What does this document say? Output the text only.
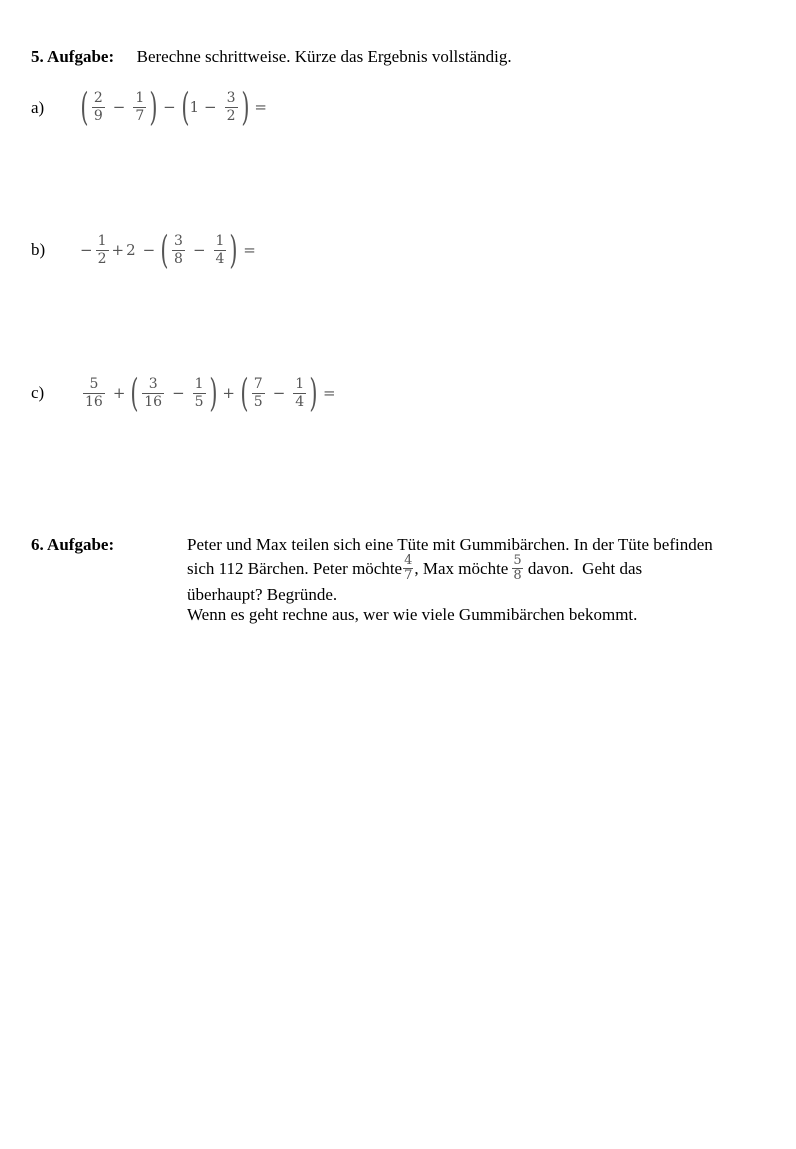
5. Aufgabe: Berechne schrittweise. Kürze das Ergebnis vollständig.
a) ( $\frac{2}{9} - \frac{1}{7}$ ) − ( $1 - \frac{3}{2}$ ) =
$b) - \frac{1}{2} + 2$ − ( $\frac{3}{8} - \frac{1}{4}$ ) =
c)	$\frac{5}{16}$ + ( $\frac{3}{16} - \frac{1}{5}$ ) + ( $\frac{7}{5} - \frac{1}{4}$ ) =
6. Aufgabe:	Peter und Max teilen sich eine Tüte mit Gummibärchen. In der Tüte befinden
sich 112 Bärchen. Peter möchte $\frac{4}{7}$ , Max möchte $\frac{5}{8}$ davon.  Geht das
überhaupt? Begründe.
Wenn es geht rechne aus, wer wie viele Gummibärchen bekommt.
